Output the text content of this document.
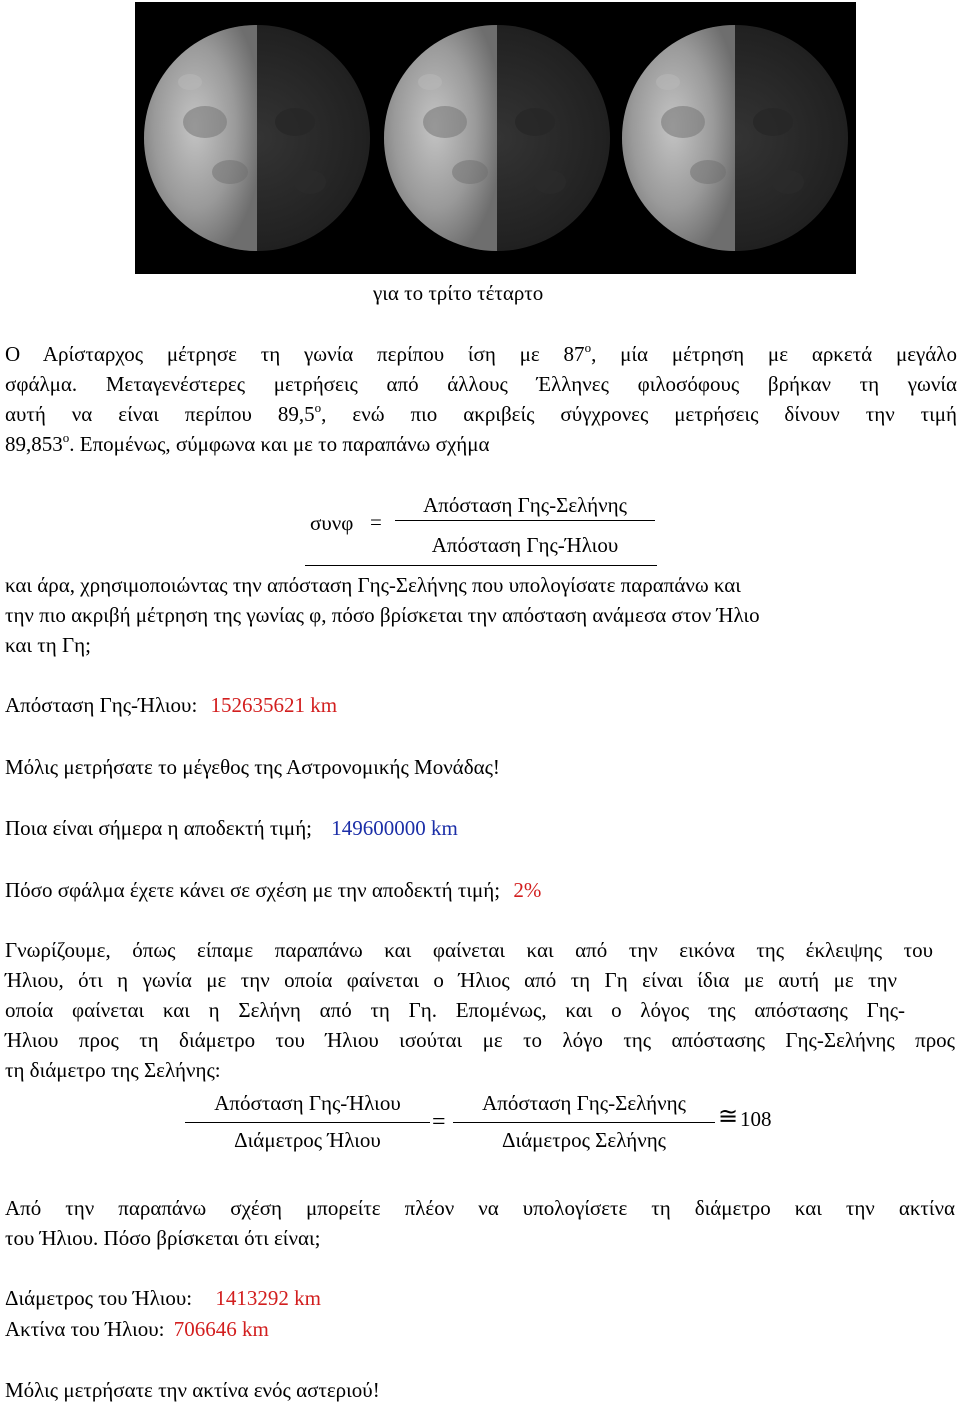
για το τρίτο τέταρτο
Ο Αρίσταρχος μέτρησε τη γωνία περίπου ίση με $87^o$, μία μέτρηση με αρκετά μεγάλο
σφάλμα. Μεταγενέστερες μετρήσεις από άλλους Έλληνες φιλοσόφους βρήκαν τη γωνία
αυτή να είναι περίπου $89,5^o$, ενώ πιο ακριβείς σύγχρονες μετρήσεις δίνουν την τιμή
$89,853^o$. Επομένως, σύμφωνα και με το παραπάνω σχήμα
συνφ =
Απόσταση Γης-Σελήνης
Απόσταση Γης-Ήλιου
και άρα, χρησιμοποιώντας την απόσταση Γης-Σελήνης που υπολογίσατε παραπάνω και
την πιο ακριβή μέτρηση της γωνίας φ, πόσο βρίσκεται την απόσταση ανάμεσα στον Ήλιο
και τη Γη;
Απόσταση Γης-Ήλιου: 152635621 km
Μόλις μετρήσατε το μέγεθος της Αστρονομικής Μονάδας!
Ποια είναι σήμερα η αποδεκτή τιμή; 149600000 km
Πόσο σφάλμα έχετε κάνει σε σχέση με την αποδεκτή τιμή; 2%
Γνωρίζουμε, όπως είπαμε παραπάνω και φαίνεται και από την εικόνα της έκλειψης του
Ήλιου, ότι η γωνία με την οποία φαίνεται ο Ήλιος από τη Γη είναι ίδια με αυτή με την
οποία φαίνεται και η Σελήνη από τη Γη. Επομένως, και ο λόγος της απόστασης Γης-
Ήλιου προς τη διάμετρο του Ήλιου ισούται με το λόγο της απόστασης Γης-Σελήνης προς
τη διάμετρο της Σελήνης:
Απόσταση Γης-Ήλιου
Διάμετρος Ήλιου
=
Απόσταση Γης-Σελήνης
Διάμετρος Σελήνης
≅ 108
Από την παραπάνω σχέση μπορείτε πλέον να υπολογίσετε τη διάμετρο και την ακτίνα
του Ήλιου. Πόσο βρίσκεται ότι είναι;
Διάμετρος του Ήλιου: 1413292 km
Ακτίνα του Ήλιου: 706646 km
Μόλις μετρήσατε την ακτίνα ενός αστεριού!
